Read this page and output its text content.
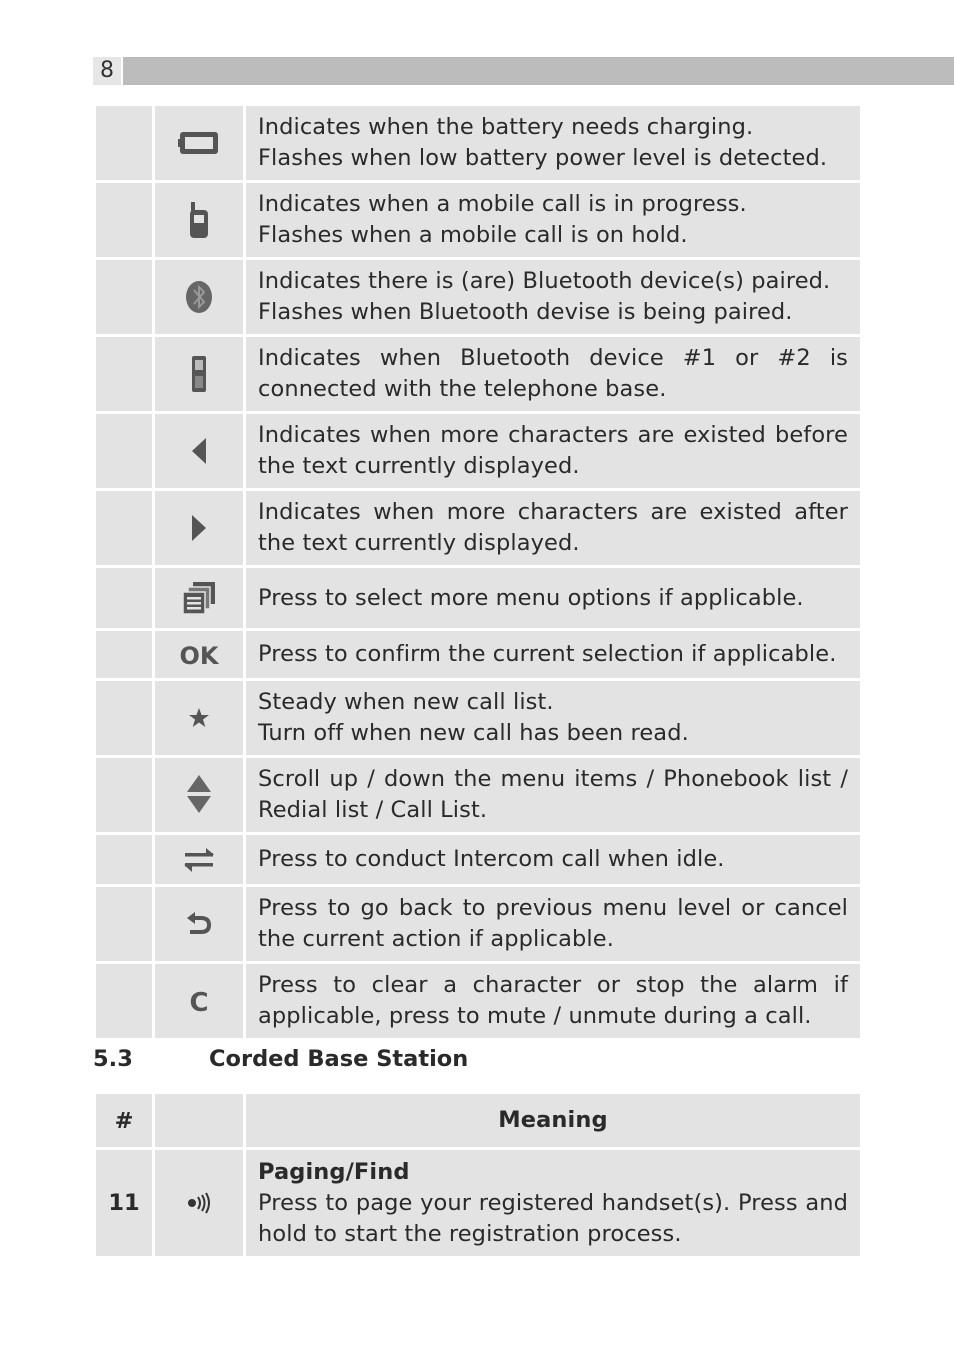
8

Indicates when the battery needs charging.
Flashes when low battery power level is detected.

Indicates when a mobile call is in progress.
Flashes when a mobile call is on hold.

Indicates there is (are) Bluetooth device(s) paired.
Flashes when Bluetooth devise is being paired.

Indicates when Bluetooth device #1 or #2 is connected with the telephone base.

Indicates when more characters are existed before the text currently displayed.

Indicates when more characters are existed after the text currently displayed.

Press to select more menu options if applicable.

OK	Press to confirm the current selection if applicable.

Steady when new call list.
Turn off when new call has been read.

Scroll up / down the menu items / Phonebook list / Redial list / Call List.

Press to conduct Intercom call when idle.

Press to go back to previous menu level or cancel the current action if applicable.

C	Press to clear a character or stop the alarm if applicable, press to mute / unmute during a call.
5.3	Corded Base Station
#		Meaning
11		Paging/Find
Press to page your registered handset(s). Press and hold to start the registration process.
